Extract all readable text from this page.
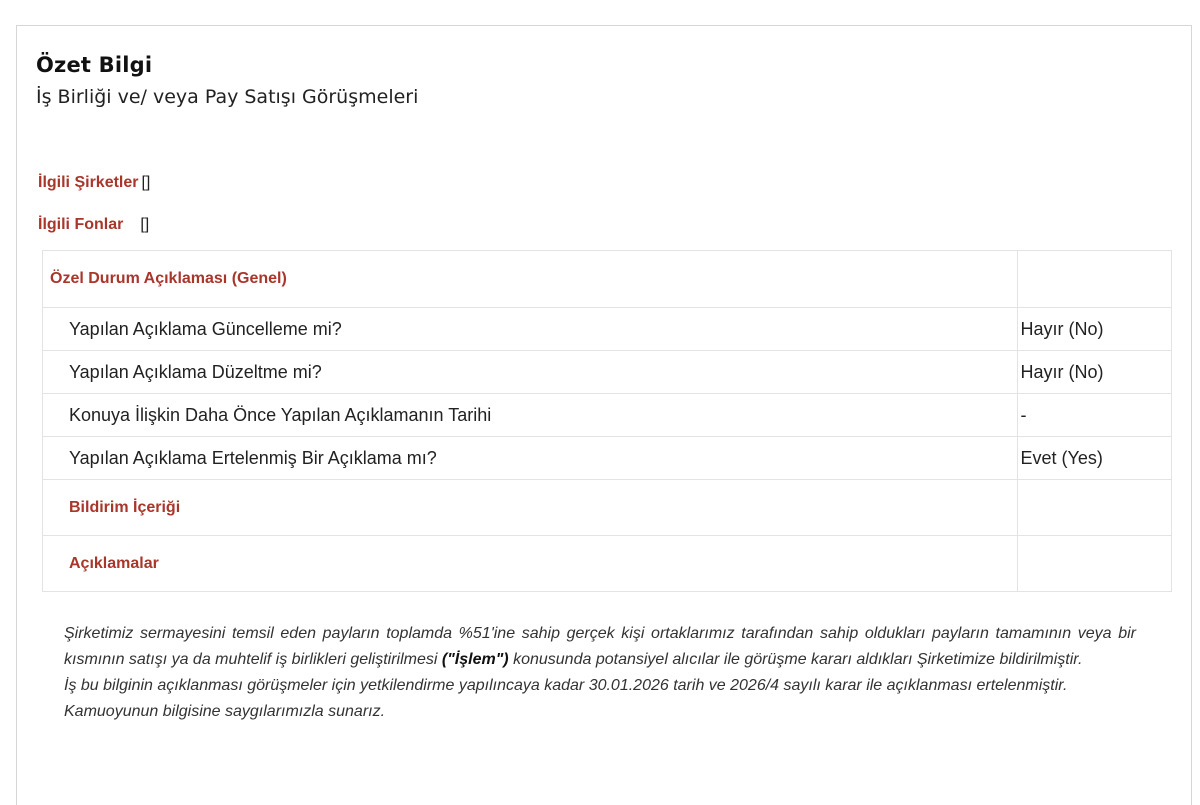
Özet Bilgi
İş Birliği ve/ veya Pay Satışı Görüşmeleri
İlgili Şirketler []
İlgili Fonlar []
Özel Durum Açıklaması (Genel)	
Yapılan Açıklama Güncelleme mi?	Hayır (No)
Yapılan Açıklama Düzeltme mi?	Hayır (No)
Konuya İlişkin Daha Önce Yapılan Açıklamanın Tarihi	-
Yapılan Açıklama Ertelenmiş Bir Açıklama mı?	Evet (Yes)
Bildirim İçeriği	
Açıklamalar	

Şirketimiz sermayesini temsil eden payların toplamda %51'ine sahip gerçek kişi ortaklarımız tarafından sahip oldukları payların tamamının veya bir kısmının satışı ya da muhtelif iş birlikleri geliştirilmesi ("İşlem") konusunda potansiyel alıcılar ile görüşme kararı aldıkları Şirketimize bildirilmiştir.

İş bu bilginin açıklanması görüşmeler için yetkilendirme yapılıncaya kadar 30.01.2026 tarih ve 2026/4 sayılı karar ile açıklanması ertelenmiştir.

Kamuoyunun bilgisine saygılarımızla sunarız.
